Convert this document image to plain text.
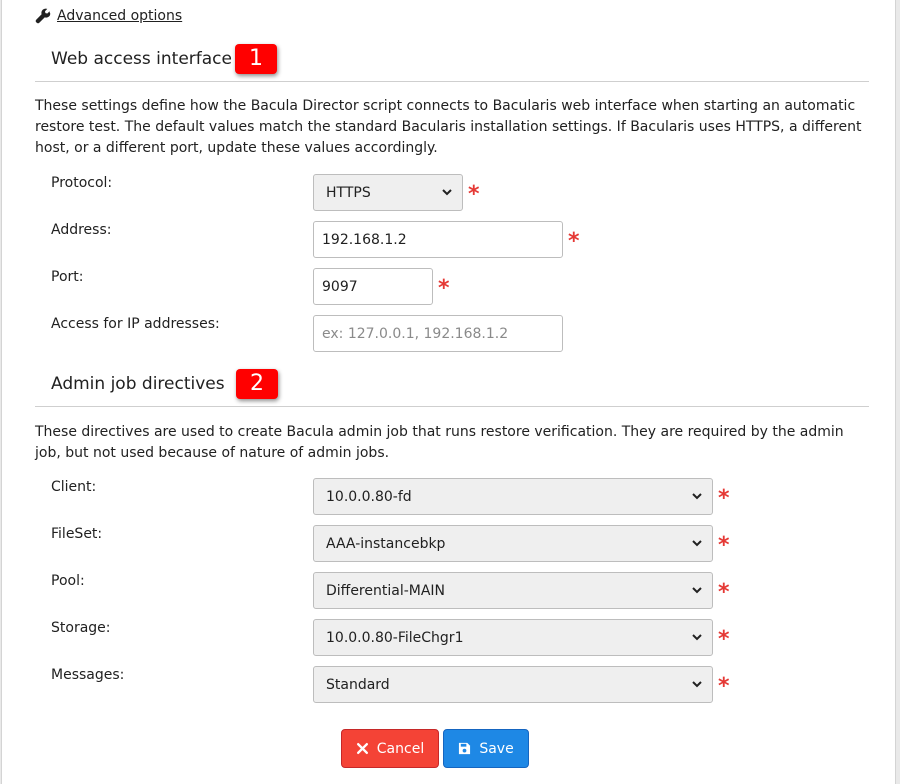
Advanced options
Web access interface 1
These settings define how the Bacula Director script connects to Bacularis web interface when starting an automatic restore test. The default values match the standard Bacularis installation settings. If Bacularis uses HTTPS, a different host, or a different port, update these values accordingly.
Protocol:
HTTPS	*
Address:
192.168.1.2	*
Port:
9097	*
Access for IP addresses:
ex: 127.0.0.1, 192.168.1.2
Admin job directives	2
These directives are used to create Bacula admin job that runs restore verification. They are required by the admin job, but not used because of nature of admin jobs.
Client:
10.0.0.80-fd	*
FileSet:
AAA-instancebkp	*
Pool:
Differential-MAIN	*
Storage:
10.0.0.80-FileChgr1	*
Messages:
Standard	*
Cancel	Save
